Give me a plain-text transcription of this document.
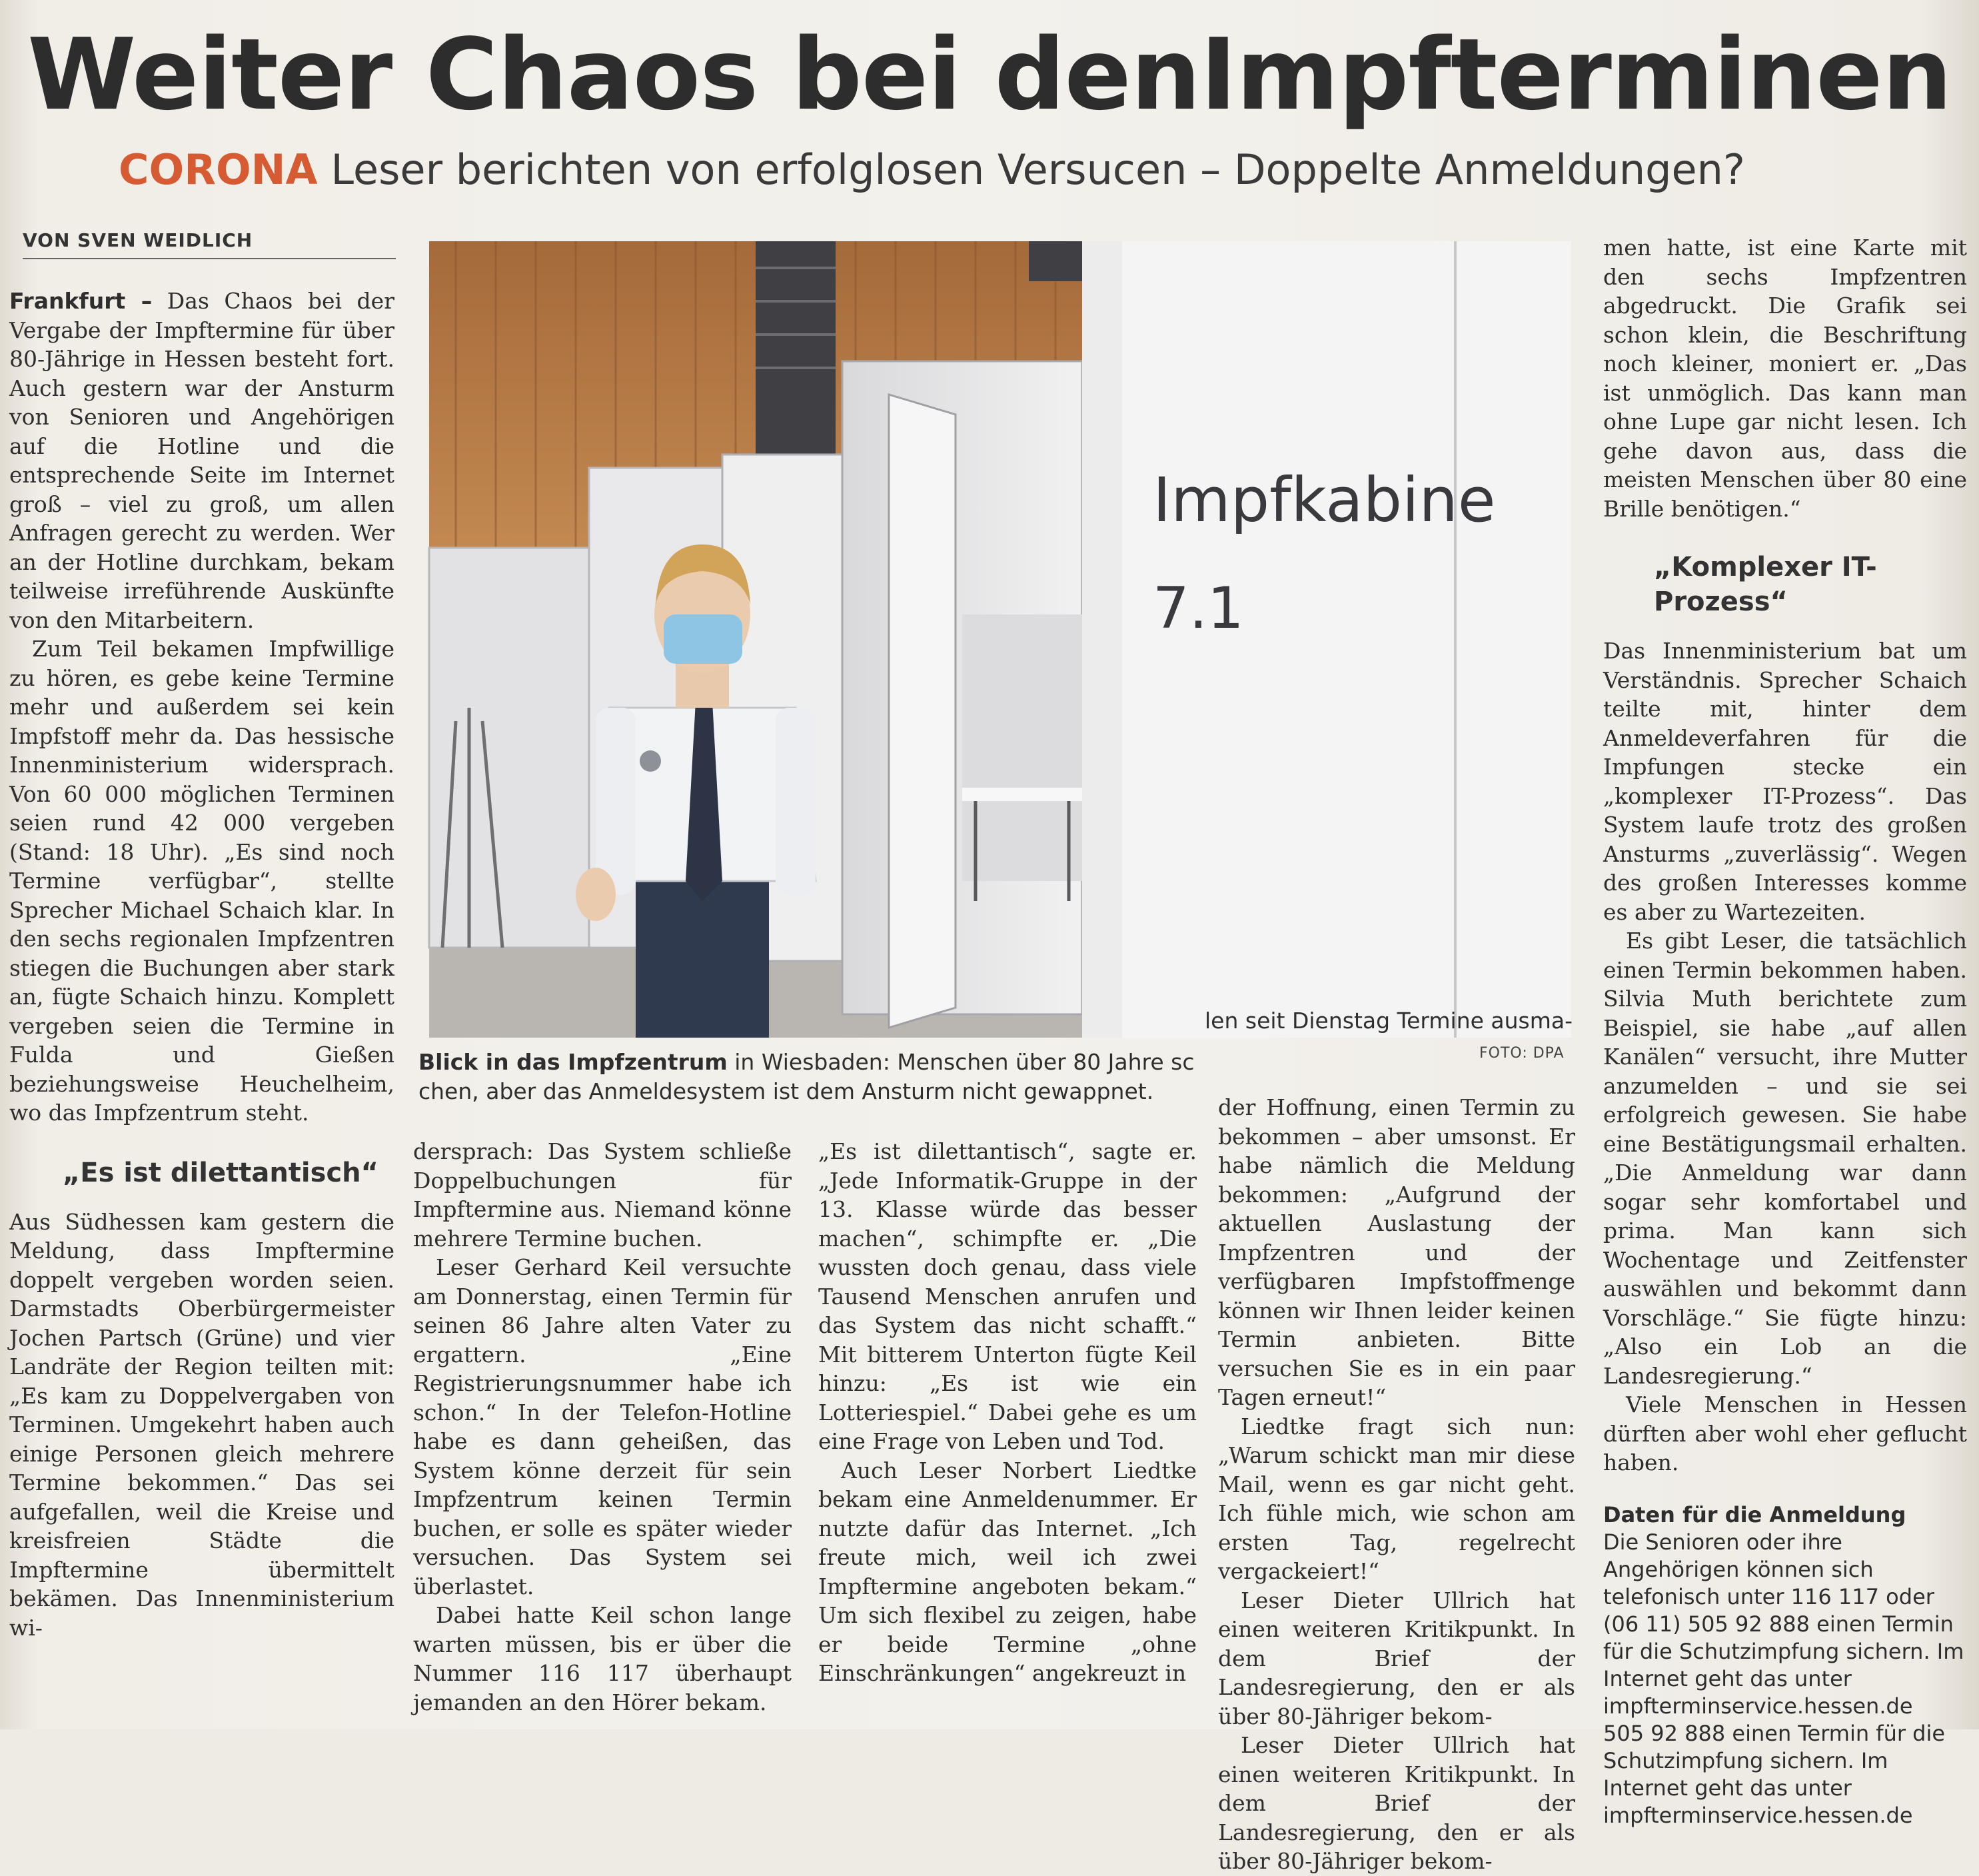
Weiter Chaos bei denImpfterminen
CORONA Leser berichten von erfolglosen Versucen – Doppelte Anmeldungen?
VON SVEN WEIDLICH

Frankfurt – Das Chaos bei der Vergabe der Impftermine für über 80-Jährige in Hessen besteht fort. Auch gestern war der Ansturm von Senioren und Angehörigen auf die Hotline und die entsprechende Seite im Internet groß – viel zu groß, um allen Anfragen gerecht zu werden. Wer an der Hotline durchkam, bekam teilweise irreführende Auskünfte von den Mitarbeitern.

Zum Teil bekamen Impfwillige zu hören, es gebe keine Termine mehr und außerdem sei kein Impfstoff mehr da. Das hessische Innenministerium widersprach. Von 60 000 möglichen Terminen seien rund 42 000 vergeben (Stand: 18 Uhr). „Es sind noch Termine verfügbar“, stellte Sprecher Michael Schaich klar. In den sechs regionalen Impfzentren stiegen die Buchungen aber stark an, fügte Schaich hinzu. Komplett vergeben seien die Termine in Fulda und Gießen beziehungsweise Heuchelheim, wo das Impfzentrum steht.

„Es ist dilettantisch“

Aus Südhessen kam gestern die Meldung, dass Impftermine doppelt vergeben worden seien. Darmstadts Oberbürgermeister Jochen Partsch (Grüne) und vier Landräte der Region teilten mit: „Es kam zu Doppelvergaben von Terminen. Umgekehrt haben auch einige Personen gleich mehrere Termine bekommen.“ Das sei aufgefallen, weil die Kreise und kreisfreien Städte die Impftermine übermittelt bekämen. Das Innenministerium wi-

Impfkabine
7.1
len seit Dienstag Termine ausma-
FOTO: DPA
Blick in das Impfzentrum in Wiesbaden: Menschen über 80 Jahre sc
chen, aber das Anmeldesystem ist dem Ansturm nicht gewappnet.

dersprach: Das System schließe Doppelbuchungen für Impftermine aus. Niemand könne mehrere Termine buchen.

Leser Gerhard Keil versuchte am Donnerstag, einen Termin für seinen 86 Jahre alten Vater zu ergattern. „Eine Registrierungsnummer habe ich schon.“ In der Telefon-Hotline habe es dann geheißen, das System könne derzeit für sein Impfzentrum keinen Termin buchen, er solle es später wieder versuchen. Das System sei überlastet.

Dabei hatte Keil schon lange warten müssen, bis er über die Nummer 116 117 überhaupt jemanden an den Hörer bekam.

„Es ist dilettantisch“, sagte er. „Jede Informatik-Gruppe in der 13. Klasse würde das besser machen“, schimpfte er. „Die wussten doch genau, dass viele Tausend Menschen anrufen und das System das nicht schafft.“ Mit bitterem Unterton fügte Keil hinzu: „Es ist wie ein Lotteriespiel.“ Dabei gehe es um eine Frage von Leben und Tod.

Auch Leser Norbert Liedtke bekam eine Anmeldenummer. Er nutzte dafür das Internet. „Ich freute mich, weil ich zwei Impftermine angeboten bekam.“ Um sich flexibel zu zeigen, habe er beide Termine „ohne Einschränkungen“ angekreuzt in

der Hoffnung, einen Termin zu bekommen – aber umsonst. Er habe nämlich die Meldung bekommen: „Aufgrund der aktuellen Auslastung der Impfzentren und der verfügbaren Impfstoffmenge können wir Ihnen leider keinen Termin anbieten. Bitte versuchen Sie es in ein paar Tagen erneut!“

Liedtke fragt sich nun: „Warum schickt man mir diese Mail, wenn es gar nicht geht. Ich fühle mich, wie schon am ersten Tag, regelrecht vergackeiert!“

Leser Dieter Ullrich hat einen weiteren Kritikpunkt. In dem Brief der Landesregierung, den er als über 80-Jähriger bekom-

Leser Dieter Ullrich hat einen weiteren Kritikpunkt. In dem Brief der Landesregierung, den er als über 80-Jähriger bekom-

men hatte, ist eine Karte mit den sechs Impfzentren abgedruckt. Die Grafik sei schon klein, die Beschriftung noch kleiner, moniert er. „Das ist unmöglich. Das kann man ohne Lupe gar nicht lesen. Ich gehe davon aus, dass die meisten Menschen über 80 eine Brille benötigen.“

„Komplexer IT-Prozess“

Das Innenministerium bat um Verständnis. Sprecher Schaich teilte mit, hinter dem Anmeldeverfahren für die Impfungen stecke ein „komplexer IT-Prozess“. Das System laufe trotz des großen Ansturms „zuverlässig“. Wegen des großen Interesses komme es aber zu Wartezeiten.

Es gibt Leser, die tatsächlich einen Termin bekommen haben. Silvia Muth berichtete zum Beispiel, sie habe „auf allen Kanälen“ versucht, ihre Mutter anzumelden – und sie sei erfolgreich gewesen. Sie habe eine Bestätigungsmail erhalten. „Die Anmeldung war dann sogar sehr komfortabel und prima. Man kann sich Wochentage und Zeitfenster auswählen und bekommt dann Vorschläge.“ Sie fügte hinzu: „Also ein Lob an die Landesregierung.“

Viele Menschen in Hessen dürften aber wohl eher geflucht haben.

Daten für die Anmeldung
Die Senioren oder ihre Angehörigen können sich telefonisch unter 116 117 oder (06 11) 505 92 888 einen Termin für die Schutzimpfung sichern. Im Internet geht das unter impfterminservice.hessen.de
505 92 888 einen Termin für die Schutzimpfung sichern. Im Internet geht das unter impfterminservice.hessen.de
